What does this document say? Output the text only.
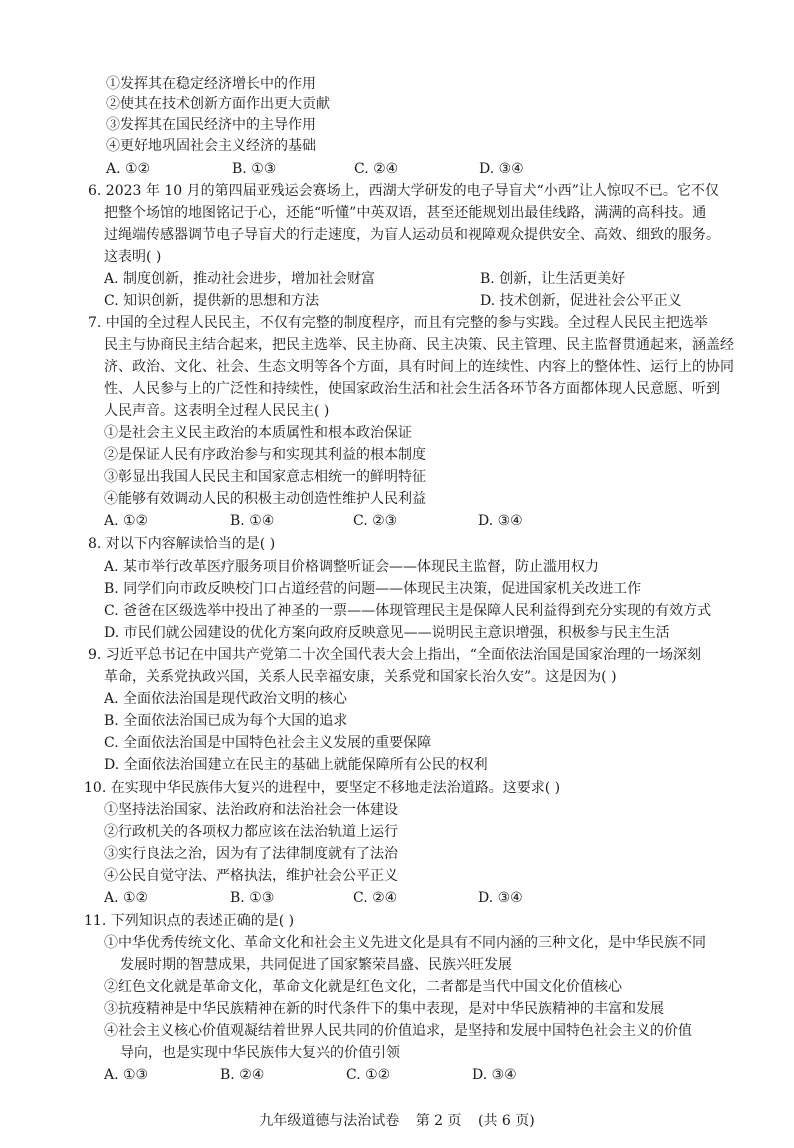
①发挥其在稳定经济增长中的作用
②使其在技术创新方面作出更大贡献
③发挥其在国民经济中的主导作用
④更好地巩固社会主义经济的基础
A. ①②	B. ①③	C. ②④	D. ③④
6. 2023 年 10 月的第四届亚残运会赛场上，西湖大学研发的电子导盲犬“小西”让人惊叹不已。它不仅
把整个场馆的地图铭记于心，还能“听懂”中英双语，甚至还能规划出最佳线路，满满的高科技。通
过绳端传感器调节电子导盲犬的行走速度，为盲人运动员和视障观众提供安全、高效、细致的服务。
这表明( )
A. 制度创新，推动社会进步，增加社会财富	B. 创新，让生活更美好
C. 知识创新，提供新的思想和方法	D. 技术创新，促进社会公平正义
7. 中国的全过程人民民主，不仅有完整的制度程序，而且有完整的参与实践。全过程人民民主把选举
民主与协商民主结合起来，把民主选举、民主协商、民主决策、民主管理、民主监督贯通起来，涵盖经
济、政治、文化、社会、生态文明等各个方面，具有时间上的连续性、内容上的整体性、运行上的协同
性、人民参与上的广泛性和持续性，使国家政治生活和社会生活各环节各方面都体现人民意愿、听到
人民声音。这表明全过程人民民主( )
①是社会主义民主政治的本质属性和根本政治保证
②是保证人民有序政治参与和实现其利益的根本制度
③彰显出我国人民民主和国家意志相统一的鲜明特征
④能够有效调动人民的积极主动创造性维护人民利益
A. ①②	B. ①④	C. ②③	D. ③④
8. 对以下内容解读恰当的是( )
A. 某市举行改革医疗服务项目价格调整听证会——体现民主监督，防止滥用权力
B. 同学们向市政反映校门口占道经营的问题——体现民主决策，促进国家机关改进工作
C. 爸爸在区级选举中投出了神圣的一票——体现管理民主是保障人民利益得到充分实现的有效方式
D. 市民们就公园建设的优化方案向政府反映意见——说明民主意识增强，积极参与民主生活
9. 习近平总书记在中国共产党第二十次全国代表大会上指出，“全面依法治国是国家治理的一场深刻
革命，关系党执政兴国，关系人民幸福安康，关系党和国家长治久安”。这是因为( )
A. 全面依法治国是现代政治文明的核心
B. 全面依法治国已成为每个大国的追求
C. 全面依法治国是中国特色社会主义发展的重要保障
D. 全面依法治国建立在民主的基础上就能保障所有公民的权利
10. 在实现中华民族伟大复兴的进程中，要坚定不移地走法治道路。这要求( )
①坚持法治国家、法治政府和法治社会一体建设
②行政机关的各项权力都应该在法治轨道上运行
③实行良法之治，因为有了法律制度就有了法治
④公民自觉守法、严格执法，维护社会公平正义
A. ①②	B. ①③	C. ②④	D. ③④
11. 下列知识点的表述正确的是( )
①中华优秀传统文化、革命文化和社会主义先进文化是具有不同内涵的三种文化，是中华民族不同
发展时期的智慧成果，共同促进了国家繁荣昌盛、民族兴旺发展
②红色文化就是革命文化，革命文化就是红色文化，二者都是当代中国文化价值核心
③抗疫精神是中华民族精神在新的时代条件下的集中表现，是对中华民族精神的丰富和发展
④社会主义核心价值观凝结着世界人民共同的价值追求，是坚持和发展中国特色社会主义的价值
导向，也是实现中华民族伟大复兴的价值引领
A. ①③	B. ②④	C. ①②	D. ③④
九年级道德与法治试卷 第 2 页 (共 6 页)
